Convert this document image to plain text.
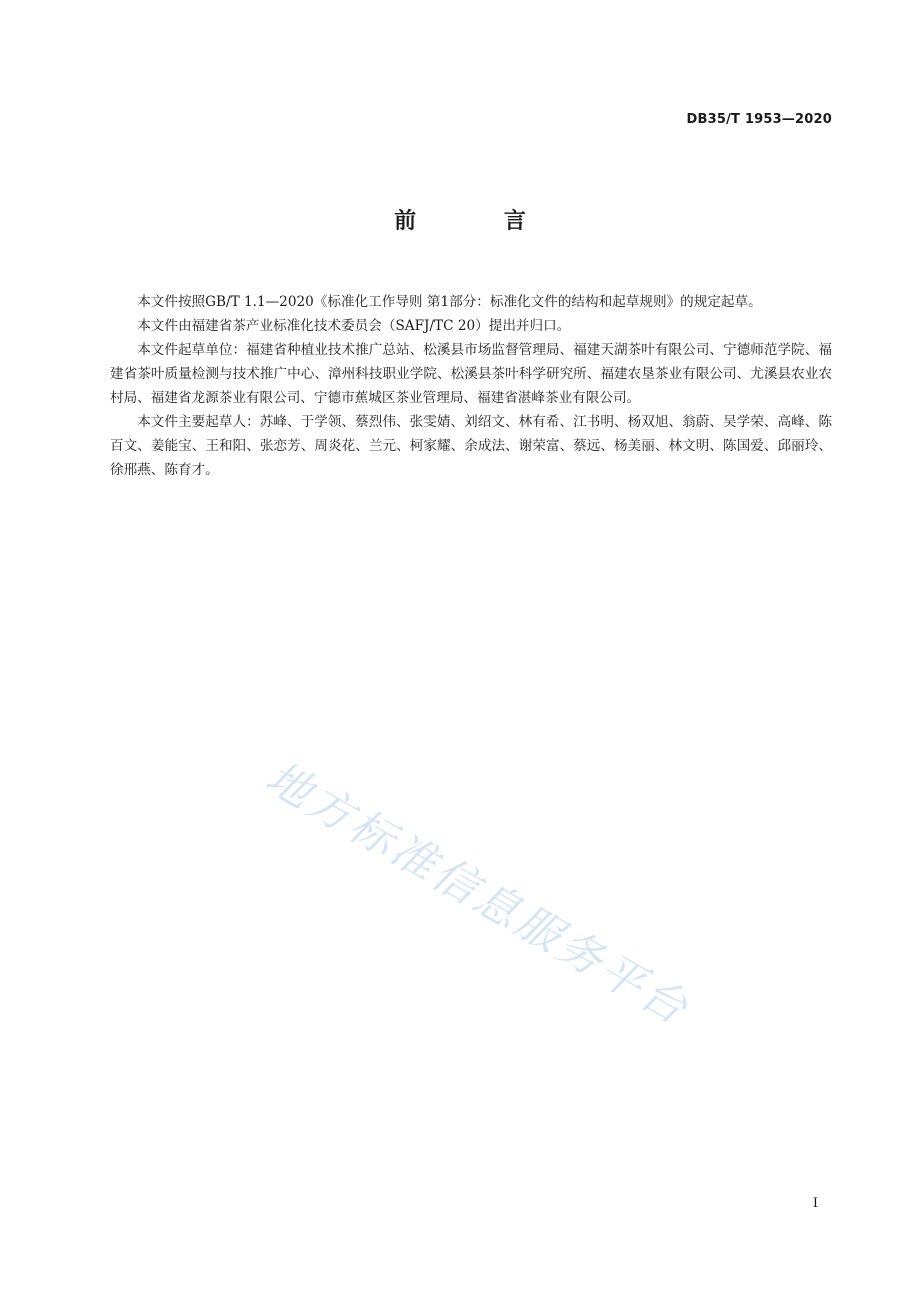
DB35/T 1953—2020
前 言

本文件按照GB/T 1.1—2020《标准化工作导则 第1部分：标准化文件的结构和起草规则》的规定起草。

本文件由福建省茶产业标准化技术委员会（SAFJ/TC 20）提出并归口。

本文件起草单位：福建省种植业技术推广总站、松溪县市场监督管理局、福建天湖茶叶有限公司、宁德师范学院、福建省茶叶质量检测与技术推广中心、漳州科技职业学院、松溪县茶叶科学研究所、福建农垦茶业有限公司、尤溪县农业农村局、福建省龙源茶业有限公司、宁德市蕉城区茶业管理局、福建省湛峰茶业有限公司。

本文件主要起草人：苏峰、于学领、蔡烈伟、张雯婧、刘绍文、林有希、江书明、杨双旭、翁蔚、吴学荣、高峰、陈百文、姜能宝、王和阳、张恋芳、周炎花、兰元、柯家耀、余成法、谢荣富、蔡远、杨美丽、林文明、陈国爱、邱丽玲、徐邢燕、陈育才。

地方标准信息服务平台
I
